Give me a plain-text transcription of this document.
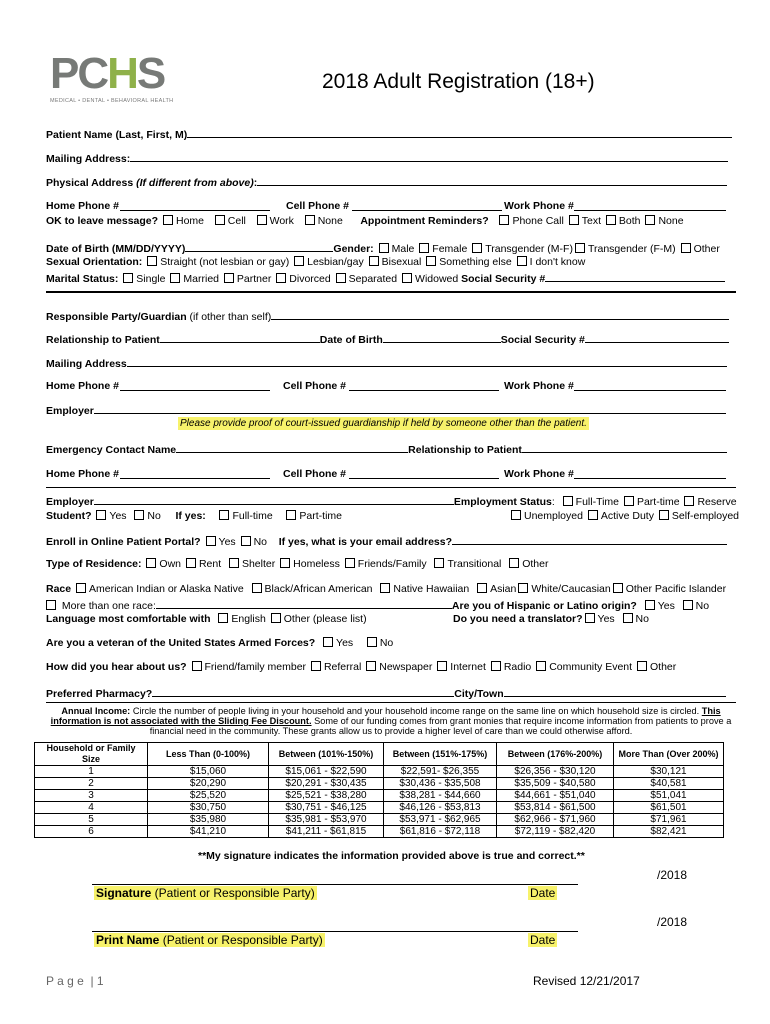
PCHS
MEDICAL • DENTAL • BEHAVIORAL HEALTH
2018 Adult Registration (18+)
Patient Name (Last, First, M)
Mailing Address:
Physical Address (If different from above):
Home Phone #	Cell Phone #	Work Phone #
OK to leave message? Home Cell Work None Appointment Reminders? Phone Call Text Both None
Date of Birth (MM/DD/YYYY)	Gender: Male Female Transgender (M-F) Transgender (F-M) Other
Sexual Orientation: Straight (not lesbian or gay) Lesbian/gay Bisexual Something else I don't know
Marital Status: Single Married Partner Divorced Separated Widowed Social Security #
Responsible Party/Guardian (if other than self)
Relationship to Patient	Date of Birth	Social Security #
Mailing Address
Home Phone #	Cell Phone #	Work Phone #
Employer
Please provide proof of court-issued guardianship if held by someone other than the patient.
Emergency Contact Name	Relationship to Patient
Home Phone #	Cell Phone #	Work Phone #
Employer	Employment Status: Full-Time Part-time Reserve
Student? Yes No If yes:	Full-time	Part-time	Unemployed Active Duty Self-employed
Enroll in Online Patient Portal? Yes No If yes, what is your email address?
Type of Residence: Own Rent Shelter Homeless Friends/Family Transitional Other
Race American Indian or Alaska Native Black/African American Native Hawaiian Asian White/Caucasian Other Pacific Islander
More than one race:	Are you of Hispanic or Latino origin? Yes No
Language most comfortable with English Other (please list)	Do you need a translator? Yes No
Are you a veteran of the United States Armed Forces? Yes	No
How did you hear about us? Friend/family member Referral Newspaper Internet Radio Community Event Other
Preferred Pharmacy?	City/Town
Annual Income: Circle the number of people living in your household and your household income range on the same line on which household size is circled. This information is not associated with the Sliding Fee Discount. Some of our funding comes from grant monies that require income information from patients to prove a financial need in the community. These grants allow us to provide a higher level of care than we could otherwise afford.
Household or Family Size	Less Than (0-100%)	Between (101%-150%)	Between (151%-175%)	Between (176%-200%)	More Than (Over 200%)
1	$15,060	$15,061 - $22,590	$22,591- $26,355	$26,356 - $30,120	$30,121
2	$20,290	$20,291 - $30,435	$30,436 - $35,508	$35,509 - $40,580	$40,581
3	$25,520	$25,521 - $38,280	$38,281 - $44,660	$44,661 - $51,040	$51,041
4	$30,750	$30,751 - $46,125	$46,126 - $53,813	$53,814 - $61,500	$61,501
5	$35,980	$35,981 - $53,970	$53,971 - $62,965	$62,966 - $71,960	$71,961
6	$41,210	$41,211 - $61,815	$61,816 - $72,118	$72,119 - $82,420	$82,421
**My signature indicates the information provided above is true and correct.**
/2018
Signature (Patient or Responsible Party)	Date
/2018
Print Name (Patient or Responsible Party)	Date
P a g e  | 1	Revised 12/21/2017
